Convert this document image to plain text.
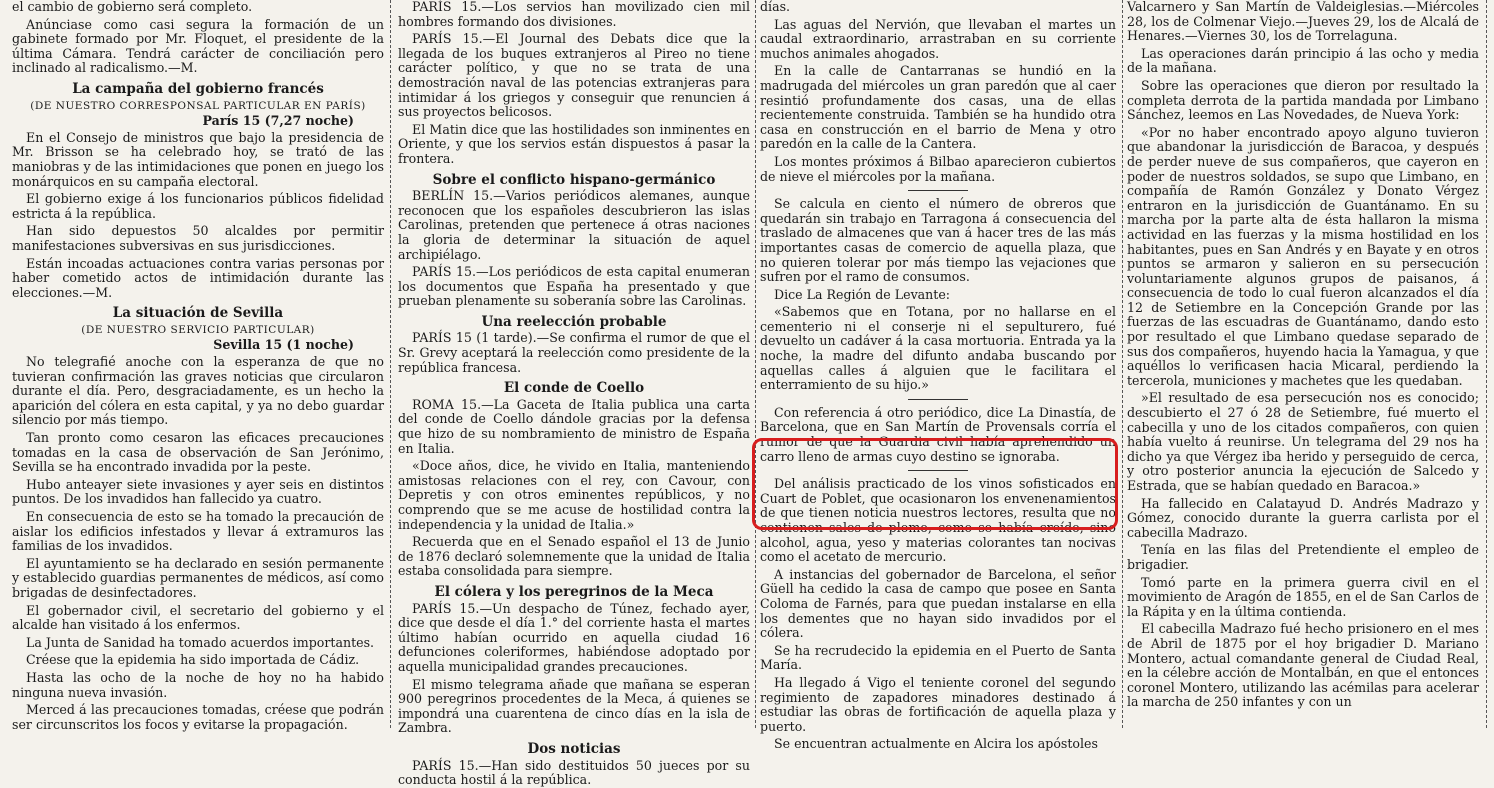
el cambio de gobierno será completo.

Anúnciase como casi segura la formación de un gabinete formado por Mr. Floquet, el presidente de la última Cámara. Tendrá carácter de conciliación pero inclinado al radicalismo.—M.

La campaña del gobierno francés
(DE NUESTRO CORRESPONSAL PARTICULAR EN PARÍS)
París 15 (7,27 noche)

En el Consejo de ministros que bajo la presidencia de Mr. Brisson se ha celebrado hoy, se trató de las maniobras y de las intimidaciones que ponen en juego los monárquicos en su campaña electoral.

El gobierno exige á los funcionarios públicos fidelidad estricta á la república.

Han sido depuestos 50 alcaldes por permitir manifestaciones subversivas en sus jurisdicciones.

Están incoadas actuaciones contra varias personas por haber cometido actos de intimidación durante las elecciones.—M.

La situación de Sevilla
(DE NUESTRO SERVICIO PARTICULAR)
Sevilla 15 (1 noche)

No telegrafié anoche con la esperanza de que no tuvieran confirmación las graves noticias que circularon durante el día. Pero, desgraciadamente, es un hecho la aparición del cólera en esta capital, y ya no debo guardar silencio por más tiempo.

Tan pronto como cesaron las eficaces precauciones tomadas en la casa de observación de San Jerónimo, Sevilla se ha encontrado invadida por la peste.

Hubo anteayer siete invasiones y ayer seis en distintos puntos. De los invadidos han fallecido ya cuatro.

En consecuencia de esto se ha tomado la precaución de aislar los edificios infestados y llevar á extramuros las familias de los invadidos.

El ayuntamiento se ha declarado en sesión permanente y establecido guardias permanentes de médicos, así como brigadas de desinfectadores.

El gobernador civil, el secretario del gobierno y el alcalde han visitado á los enfermos.

La Junta de Sanidad ha tomado acuerdos importantes.

Créese que la epidemia ha sido importada de Cádiz.

Hasta las ocho de la noche de hoy no ha habido ninguna nueva invasión.

Merced á las precauciones tomadas, créese que podrán ser circunscritos los focos y evitarse la propagación.

PARÍS 15.—Los servios han movilizado cien mil hombres formando dos divisiones.

PARÍS 15.—El Journal des Debats dice que la llegada de los buques extranjeros al Pireo no tiene carácter político, y que no se trata de una demostración naval de las potencias extranjeras para intimidar á los griegos y conseguir que renuncien á sus proyectos belicosos.

El Matin dice que las hostilidades son inminentes en Oriente, y que los servios están dispuestos á pasar la frontera.

Sobre el conflicto hispano-germánico

BERLÍN 15.—Varios periódicos alemanes, aunque reconocen que los españoles descubrieron las islas Carolinas, pretenden que pertenece á otras naciones la gloria de determinar la situación de aquel archipiélago.

PARÍS 15.—Los periódicos de esta capital enumeran los documentos que España ha presentado y que prueban plenamente su soberanía sobre las Carolinas.

Una reelección probable

PARÍS 15 (1 tarde).—Se confirma el rumor de que el Sr. Grevy aceptará la reelección como presidente de la república francesa.

El conde de Coello

ROMA 15.—La Gaceta de Italia publica una carta del conde de Coello dándole gracias por la defensa que hizo de su nombramiento de ministro de España en Italia.

«Doce años, dice, he vivido en Italia, manteniendo amistosas relaciones con el rey, con Cavour, con Depretis y con otros eminentes repúblicos, y no comprendo que se me acuse de hostilidad contra la independencia y la unidad de Italia.»

Recuerda que en el Senado español el 13 de Junio de 1876 declaró solemnemente que la unidad de Italia estaba consolidada para siempre.

El cólera y los peregrinos de la Meca

PARÍS 15.—Un despacho de Túnez, fechado ayer, dice que desde el día 1.° del corriente hasta el martes último habían ocurrido en aquella ciudad 16 defunciones coleriformes, habiéndose adoptado por aquella municipalidad grandes precauciones.

El mismo telegrama añade que mañana se esperan 900 peregrinos procedentes de la Meca, á quienes se impondrá una cuarentena de cinco días en la isla de Zambra.

Dos noticias

PARÍS 15.—Han sido destituidos 50 jueces por su conducta hostil á la república.

días.

Las aguas del Nervión, que llevaban el martes un caudal extraordinario, arrastraban en su corriente muchos animales ahogados.

En la calle de Cantarranas se hundió en la madrugada del miércoles un gran paredón que al caer resintió profundamente dos casas, una de ellas recientemente construida. También se ha hundido otra casa en construcción en el barrio de Mena y otro paredón en la calle de la Cantera.

Los montes próximos á Bilbao aparecieron cubiertos de nieve el miércoles por la mañana.

Se calcula en ciento el número de obreros que quedarán sin trabajo en Tarragona á consecuencia del traslado de almacenes que van á hacer tres de las más importantes casas de comercio de aquella plaza, que no quieren tolerar por más tiempo las vejaciones que sufren por el ramo de consumos.

Dice La Región de Levante:

«Sabemos que en Totana, por no hallarse en el cementerio ni el conserje ni el sepulturero, fué devuelto un cadáver á la casa mortuoria. Entrada ya la noche, la madre del difunto andaba buscando por aquellas calles á alguien que le facilitara el enterramiento de su hijo.»

Con referencia á otro periódico, dice La Dinastía, de Barcelona, que en San Martín de Provensals corría el rumor de que la Guardia civil había aprehendido un carro lleno de armas cuyo destino se ignoraba.

Del análisis practicado de los vinos sofisticados en Cuart de Poblet, que ocasionaron los envenenamientos de que tienen noticia nuestros lectores, resulta que no contienen sales de plomo, como se había creído, sino alcohol, agua, yeso y materias colorantes tan nocivas como el acetato de mercurio.

A instancias del gobernador de Barcelona, el señor Güell ha cedido la casa de campo que posee en Santa Coloma de Farnés, para que puedan instalarse en ella los dementes que no hayan sido invadidos por el cólera.

Se ha recrudecido la epidemia en el Puerto de Santa María.

Ha llegado á Vigo el teniente coronel del segundo regimiento de zapadores minadores destinado á estudiar las obras de fortificación de aquella plaza y puerto.

Se encuentran actualmente en Alcira los apóstoles

Valcarnero y San Martín de Valdeiglesias.—Miércoles 28, los de Colmenar Viejo.—Jueves 29, los de Alcalá de Henares.—Viernes 30, los de Torrelaguna.

Las operaciones darán principio á las ocho y media de la mañana.

Sobre las operaciones que dieron por resultado la completa derrota de la partida mandada por Limbano Sánchez, leemos en Las Novedades, de Nueva York:

«Por no haber encontrado apoyo alguno tuvieron que abandonar la jurisdicción de Baracoa, y después de perder nueve de sus compañeros, que cayeron en poder de nuestros soldados, se supo que Limbano, en compañía de Ramón González y Donato Vérgez entraron en la jurisdicción de Guantánamo. En su marcha por la parte alta de ésta hallaron la misma actividad en las fuerzas y la misma hostilidad en los habitantes, pues en San Andrés y en Bayate y en otros puntos se armaron y salieron en su persecución voluntariamente algunos grupos de paisanos, á consecuencia de todo lo cual fueron alcanzados el día 12 de Setiembre en la Concepción Grande por las fuerzas de las escuadras de Guantánamo, dando esto por resultado el que Limbano quedase separado de sus dos compañeros, huyendo hacia la Yamagua, y que aquéllos lo verificasen hacia Micaral, perdiendo la tercerola, municiones y machetes que les quedaban.

»El resultado de esa persecución nos es conocido; descubierto el 27 ó 28 de Setiembre, fué muerto el cabecilla y uno de los citados compañeros, con quien había vuelto á reunirse. Un telegrama del 29 nos ha dicho ya que Vérgez iba herido y perseguido de cerca, y otro posterior anuncia la ejecución de Salcedo y Estrada, que se habían quedado en Baracoa.»

Ha fallecido en Calatayud D. Andrés Madrazo y Gómez, conocido durante la guerra carlista por el cabecilla Madrazo.

Tenía en las filas del Pretendiente el empleo de brigadier.

Tomó parte en la primera guerra civil en el movimiento de Aragón de 1855, en el de San Carlos de la Rápita y en la última contienda.

El cabecilla Madrazo fué hecho prisionero en el mes de Abril de 1875 por el hoy brigadier D. Mariano Montero, actual comandante general de Ciudad Real, en la célebre acción de Montalbán, en que el entonces coronel Montero, utilizando las acémilas para acelerar la marcha de 250 infantes y con un
